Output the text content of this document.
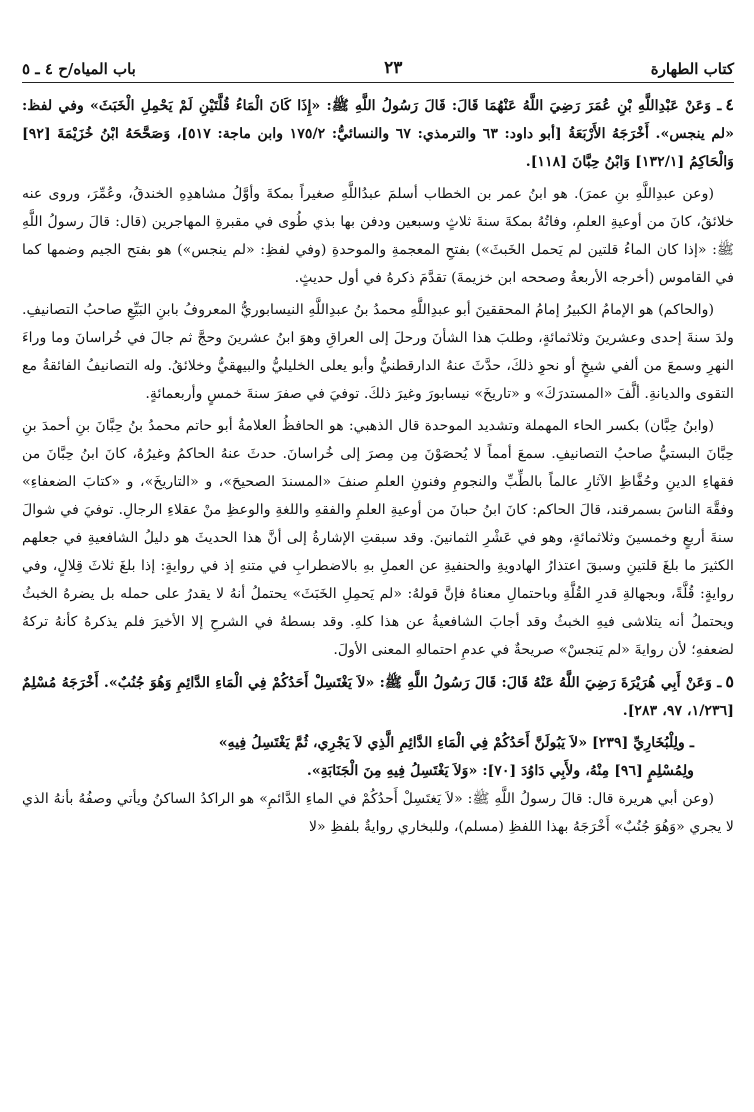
كتاب الطهارة
٢٣
باب المياه/ح ٤ ـ ٥

٤ـ وَعَنْ عَبْدِاللَّهِ بْنِ عُمَرَ رَضِيَ اللَّهُ عَنْهُمَا قَالَ: قَالَ رَسُولُ اللَّهِ ﷺ: «إِذَا كَانَ الْمَاءُ قُلَّتَيْنِ لَمْ يَحْمِلِ الْخَبَثَ» وفي لفظ: «لم ينجس». أَخْرَجَهُ الأَرْبَعَةُ [أبو داود: ٦٣ والترمذي: ٦٧ والنسائيُّ: ١٧٥/٢ وابن ماجة: ٥١٧]، وَصَحَّحَهُ ابْنُ خُزَيْمَةَ [٩٢] وَالْحَاكِمُ [١٣٢/١] وَابْنُ حِبَّانَ [١١٨].

(وعن عبدِاللَّهِ بنِ عمرَ). هو ابنُ عمر بن الخطاب أسلمَ عبدُاللَّهِ صغيراً بمكةَ وأوَّلُ مشاهدِهِ الخندقُ، وعُمِّرَ، وروى عنه خلائقُ، كانَ من أوعيةِ العلمِ، وفاتُهُ بمكةَ سنةَ ثلاثٍ وسبعين ودفن بها بذي طُوى في مقبرةِ المهاجرين (قال: قالَ رسولُ اللَّهِ ﷺ: «إذا كان الماءُ قلتين لم يَحمل الخَبثَ») بفتحِ المعجمةِ والموحدةِ (وفي لفظِ: «لم ينجس») هو بفتح الجيم وضمها كما في القاموس (أخرجه الأربعةُ وصححه ابن خزيمةَ) تقدَّمَ ذكرهُ في أول حديثٍ.

(والحاكم) هو الإمامُ الكبيرُ إمامُ المحققينَ أبو عبدِاللَّهِ محمدُ بنُ عبدِاللَّهِ النيسابوريُّ المعروفُ بابنِ البَيِّعِ صاحبُ التصانيفِ. ولدَ سنةَ إحدى وعشرينَ وثلاثمائةٍ، وطلبَ هذا الشأنَ ورحلَ إلى العراقِ وهوَ ابنُ عشرينَ وحجَّ ثم جالَ في خُراسانَ وما وراءَ النهرِ وسمعَ من ألفي شيخٍ أو نحوِ ذلكَ، حدَّثَ عنهُ الدارقطنيُّ وأبو يعلى الخليليُّ والبيهقيُّ وخلائقُ. وله التصانيفُ الفائقةُ مع التقوى والديانةِ. ألَّفَ «المستدرَكَ» و «تاريخَ» نيسابورَ وغيرَ ذلكَ. توفيَ في صفرَ سنةَ خمسٍ وأربعمائةٍ.

(وابنُ حِبَّان) بكسر الحاء المهملة وتشديد الموحدة قال الذهبي: هو الحافظُ العلامةُ أبو حاتم محمدُ بنُ حِبَّانَ بنِ أحمدَ بنِ حِبَّانَ البستيُّ صاحبُ التصانيفِ. سمعَ أمماً لا يُحصَوْنَ مِن مِصرَ إلى خُراسانَ. حدثَ عنهُ الحاكمُ وغيرُهُ، كانَ ابنُ حِبَّانَ من فقهاءِ الدينِ وحُفَّاظِ الآثارِ عالماً بالطِّبِّ والنجومِ وفنونِ العلمِ صنفَ «المسندَ الصحيحَ»، و «التاريخَ»، و «كتابَ الضعفاءِ» وفقَّهَ الناسَ بسمرقند، قالَ الحاكم: كانَ ابنُ حبانَ من أوعيةِ العلمِ والفقهِ واللغةِ والوعظِ منْ عقلاءِ الرجالِ. توفيَ في شوالَ سنةَ أربعٍ وخمسينَ وثلاثمائةٍ، وهو في عَشْرِ الثمانينَ. وقد سبقتِ الإشارةُ إلى أنَّ هذا الحديثَ هو دليلُ الشافعيةِ في جعلهم الكثيرَ ما بلغَ قلتينِ وسبقَ اعتذارُ الهادويةِ والحنفيةِ عن العملِ بهِ بالاضطرابِ في متنهِ إذ في روايةٍ: إذا بلغَ ثلاثَ قِلالٍ، وفي روايةٍ: قُلَّةً، وبجهالةِ قدرِ القُلَّةِ وباحتمالِ معناهُ فإنَّ قولهُ: «لم يَحمِلِ الخَبَثَ» يحتملُ أنهُ لا يقدرُ على حمله بل يضرهُ الخبثُ ويحتملُ أنه يتلاشى فيهِ الخبثُ وقد أجابَ الشافعيةُ عن هذا كلهِ. وقد بسطهُ في الشرحِ إلا الأخيرَ فلم يذكرهُ كأنهُ تركهُ لضعفهِ؛ لأن روايةَ «لم يَنجسْ» صريحةٌ في عدمِ احتمالهِ المعنى الأولَ.

٥ـ وَعَنْ أَبِي هُرَيْرَةَ رَضِيَ اللَّهُ عَنْهُ قَالَ: قَالَ رَسُولُ اللَّهِ ﷺ: «لاَ يَغْتَسِلْ أَحَدُكُمْ فِي الْمَاءِ الدَّائِمِ وَهُوَ جُنُبٌ». أَخْرَجَهُ مُسْلِمٌ [١/٢٣٦، ٩٧، ٢٨٣].

ـ ولِلْبُخَارِيِّ [٢٣٩] «لاَ يَبُولَنَّ أَحَدُكُمْ فِي الْمَاءِ الدَّائِمِ الَّذِي لاَ يَجْرِي، ثُمَّ يَغْتَسِلُ فِيهِ»

ولِمُسْلِمٍ [٩٦] مِنْهُ، ولأَبِي دَاوُدَ [٧٠]: «وَلاَ يَغْتَسِلُ فِيهِ مِنَ الْجَنَابَةِ».

(وعن أبي هريرة قال: قالَ رسولُ اللَّهِ ﷺ: «لاَ يَغتَسِلْ أَحدُكُمْ في الماءِ الدَّائمِ» هو الراكدُ الساكنُ ويأتي وصفُهُ بأنهُ الذي لا يجري «وَهُوَ جُنُبٌ» أَخْرَجَهُ بهذا اللفظِ (مسلم)، وللبخاري روايةٌ بلفظِ «لا
